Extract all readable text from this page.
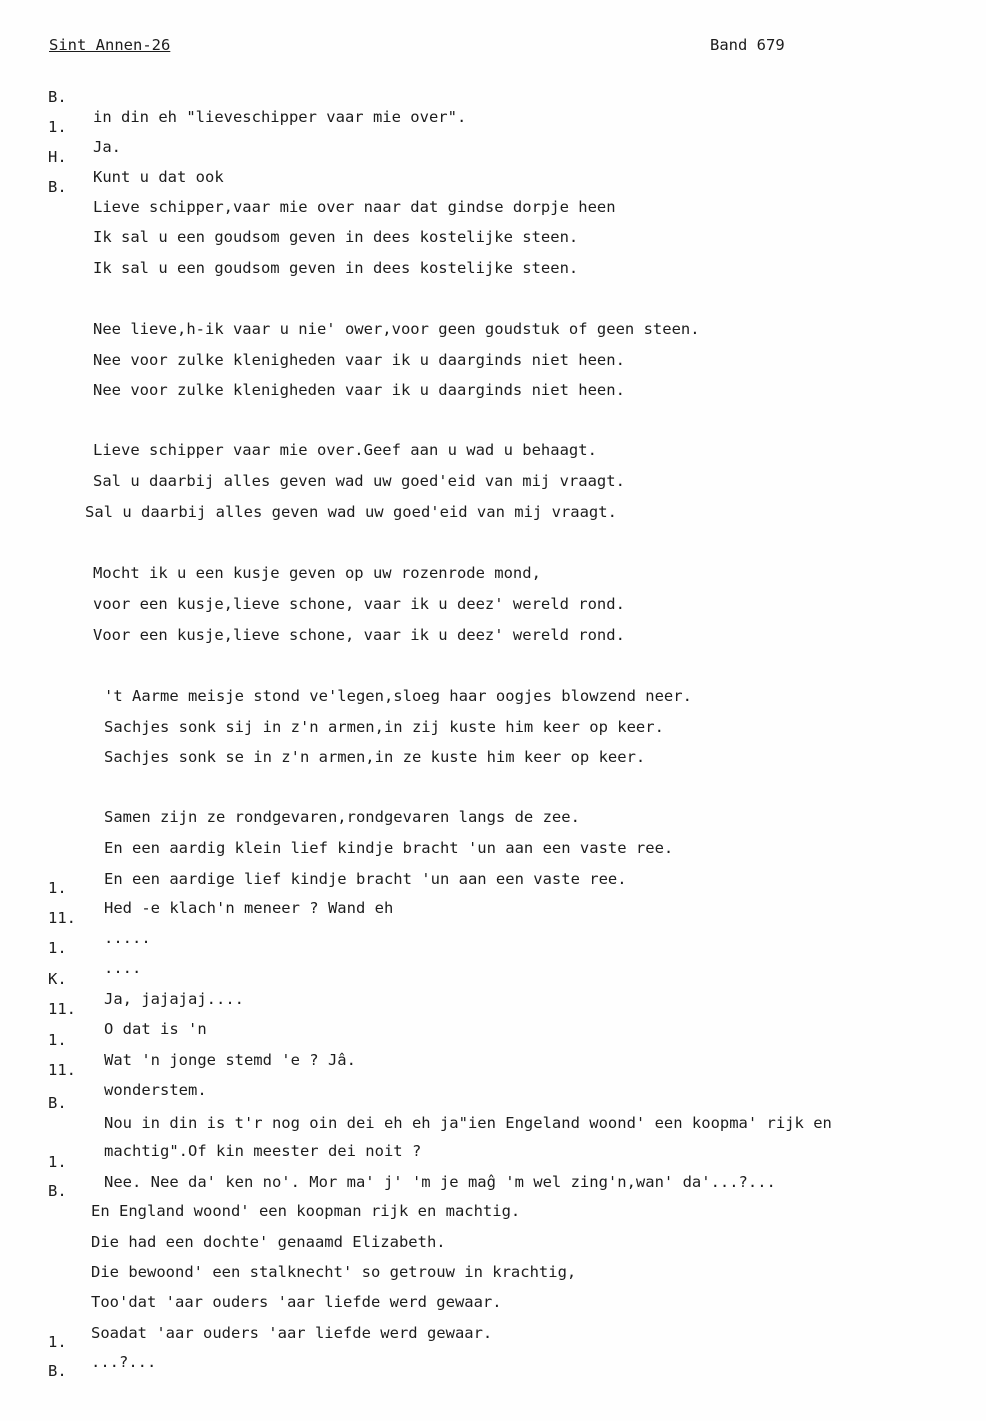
Sint Annen-26	Band 679

B.

in din eh "lieveschipper vaar mie over".

1.

Ja.

H.

Kunt u dat ook

B.

Lieve schipper,vaar mie over naar dat gindse dorpje heen

Ik sal u een goudsom geven in dees kostelijke steen.

Ik sal u een goudsom geven in dees kostelijke steen.

Nee lieve,h-ik vaar u nie' ower,voor geen goudstuk of geen steen.

Nee voor zulke klenigheden vaar ik u daarginds niet heen.

Nee voor zulke klenigheden vaar ik u daarginds niet heen.

Lieve schipper vaar mie over.Geef aan u wad u behaagt.

Sal u daarbij alles geven wad uw goed'eid van mij vraagt.

Sal u daarbij alles geven wad uw goed'eid van mij vraagt.

Mocht ik u een kusje geven op uw rozenrode mond,

voor een kusje,lieve schone, vaar ik u deez' wereld rond.

Voor een kusje,lieve schone, vaar ik u deez' wereld rond.

't Aarme meisje stond ve'legen,sloeg haar oogjes blowzend neer.

Sachjes sonk sij in z'n armen,in zij kuste him keer op keer.

Sachjes sonk se in z'n armen,in ze kuste him keer op keer.

Samen zijn ze rondgevaren,rondgevaren langs de zee.

En een aardig klein lief kindje bracht 'un aan een vaste ree.

En een aardige lief kindje bracht 'un aan een vaste ree.

1.

Hed -e klach'n meneer ? Wand eh

11.

.....

1.

....

K.

Ja, jajajaj....

11.

O dat is 'n

1.

Wat 'n jonge stemd 'e ? Jâ.

11.

wonderstem.

B.

Nou in din is t'r nog oin dei eh eh ja"ien Engeland woond' een koopma' rijk en

machtig".Of kin meester dei noit ?

1.

Nee. Nee da' ken no'. Mor ma' j' 'm je maĝ 'm wel zing'n,wan' da'...?...

B.

En England woond' een koopman rijk en machtig.

Die had een dochte' genaamd Elizabeth.

Die bewoond' een stalknecht' so getrouw in krachtig,

Too'dat 'aar ouders 'aar liefde werd gewaar.

Soadat 'aar ouders 'aar liefde werd gewaar.

1.

...?...

B.
